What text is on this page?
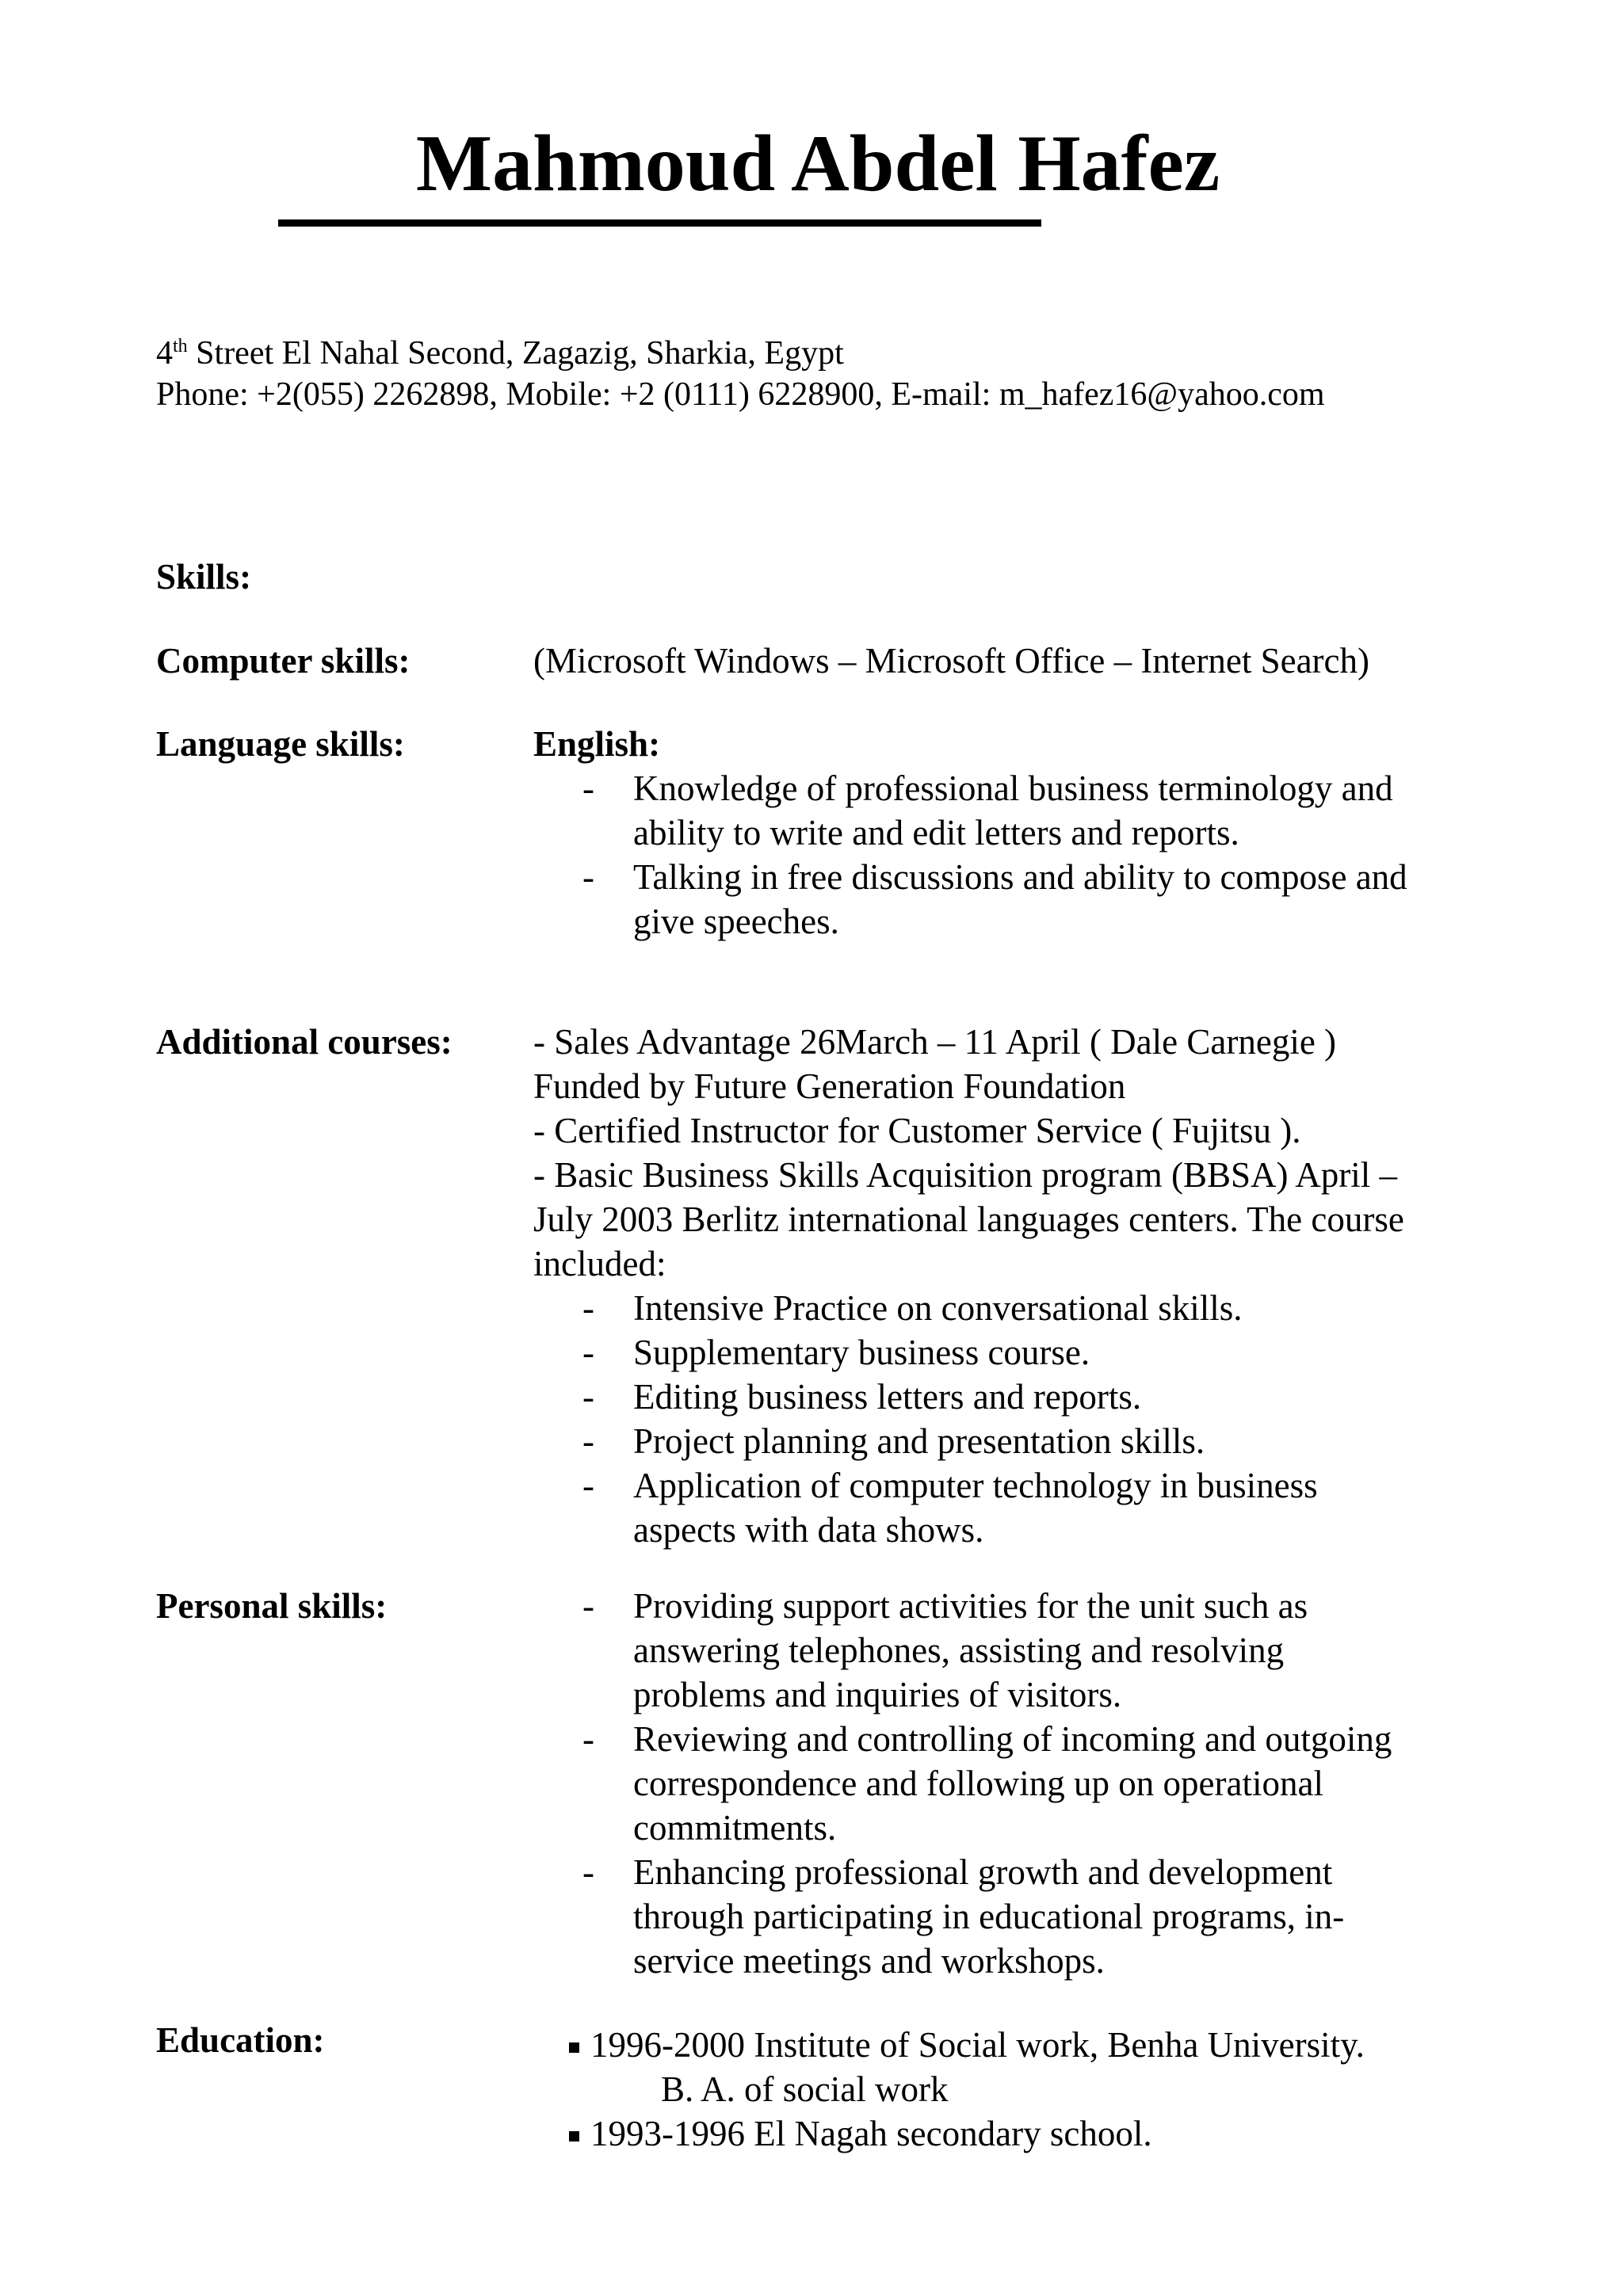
Mahmoud Abdel Hafez
4th Street El Nahal Second, Zagazig, Sharkia, Egypt
Phone: +2(055) 2262898, Mobile: +2 (0111) 6228900, E-mail: m_hafez16@yahoo.com
Skills:
Computer skills:	(Microsoft Windows – Microsoft Office – Internet Search)
Language skills:	English:
- Knowledge of professional business terminology and
ability to write and edit letters and reports.
- Talking in free discussions and ability to compose and
give speeches.
Additional courses: - Sales Advantage 26March – 11 April ( Dale Carnegie )
Funded by Future Generation Foundation
- Certified Instructor for Customer Service ( Fujitsu ).
- Basic Business Skills Acquisition program (BBSA) April –
July 2003 Berlitz international languages centers. The course
included:
- Intensive Practice on conversational skills.
- Supplementary business course.
- Editing business letters and reports.
- Project planning and presentation skills.
- Application of computer technology in business
aspects with data shows.
Personal skills:	- Providing support activities for the unit such as
answering telephones, assisting and resolving
problems and inquiries of visitors.
- Reviewing and controlling of incoming and outgoing
correspondence and following up on operational
commitments.
- Enhancing professional growth and development
through participating in educational programs, in-
service meetings and workshops.
Education:	1996-2000 Institute of Social work, Benha University.
B. A. of social work
1993-1996 El Nagah secondary school.
